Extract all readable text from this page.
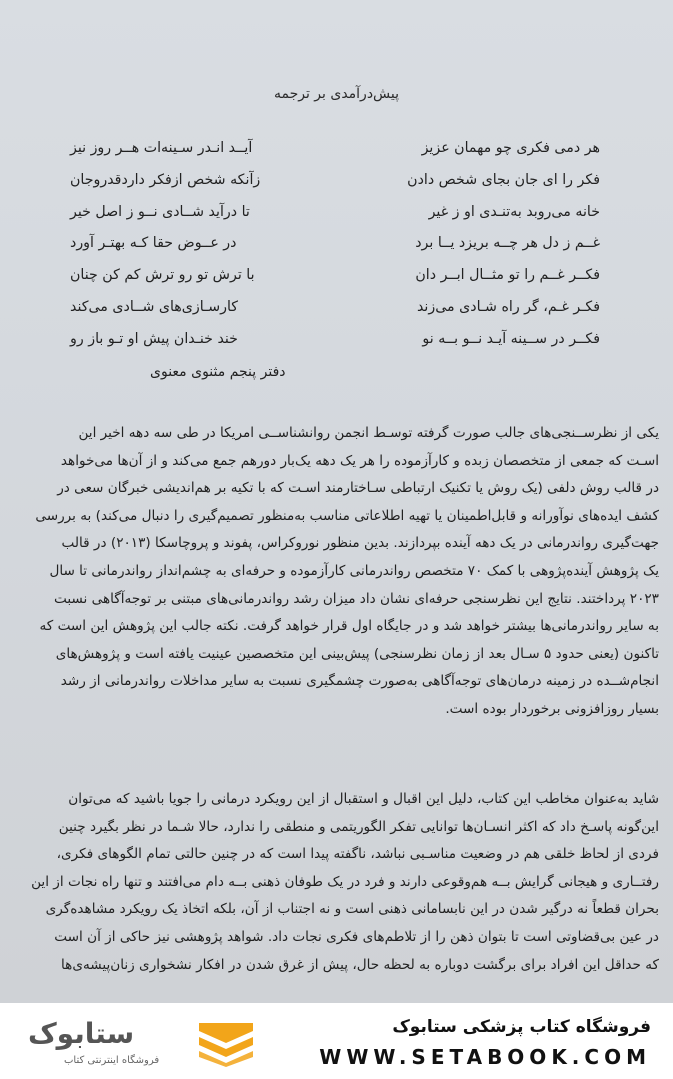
پیش‌درآمدی بر ترجمه
هر دمی فکری چو مهمان عزیز
آیــد انـدر سـینه‌ات هــر روز نیز
فکر را ای جان بجای شخص دادن
زآنکه شخص ازفکر داردقدروجان
خانه می‌روبد به‌تنـدی او ز غیر
تا درآید شــادی نــو ز اصل خیر
غــم ز دل هر چــه بریزد یــا برد
در عــوض حقا کـه بهتـر آورد
فکــر غــم را تو مثــال ابــر دان
با ترش تو رو ترش کم کن چنان
فکـر غـم، گر راه شـادی می‌زند
کارسـازی‌های شــادی می‌کند
فکــر در ســینه آیـد نــو بــه نو
خند خنـدان پیش او تـو باز رو
دفتر پنجم مثنوی معنوی
یکی از نظرســنجی‌های جالب صورت گرفته توسـط انجمن روانشناســی امریکا در طی سه دهه اخیر این
اسـت که جمعی از متخصصان زبده و کارآزموده را هر یک دهه یک‌بار دورهم جمع می‌کند و از آن‌ها می‌خواهد
در قالب روش دلفی (یک روش یا تکنیک ارتباطی سـاختارمند اسـت که با تکیه بر هم‌اندیشی خبرگان سعی در
کشف ایده‌های نوآورانه و قابل‌اطمینان یا تهیه اطلاعاتی مناسب به‌منظور تصمیم‌گیری را دنبال می‌کند) به بررسی
جهت‌گیری رواندرمانی در یک دهه آینده بپردازند. بدین منظور نوروکراس، پفوند و پروچاسکا (۲۰۱۳) در قالب
یک پژوهش آینده‌پژوهی با کمک ۷۰ متخصص رواندرمانی کارآزموده و حرفه‌ای به چشم‌انداز رواندرمانی تا سال
۲۰۲۳ پرداختند. نتایج این نظرسنجی حرفه‌ای نشان داد میزان رشد رواندرمانی‌های مبتنی بر توجه‌آگاهی نسبت
به سایر رواندرمانی‌ها بیشتر خواهد شد و در جایگاه اول قرار خواهد گرفت. نکته جالب این پژوهش این است که
تاکنون (یعنی حدود ۵ سـال بعد از زمان نظرسنجی) پیش‌بینی این متخصصین عینیت یافته است و پژوهش‌های
انجام‌شــده در زمینه درمان‌های توجه‌آگاهی به‌صورت چشمگیری نسبت به سایر مداخلات رواندرمانی از رشد
بسیار روزافزونی برخوردار بوده است.
شاید به‌عنوان مخاطب این کتاب، دلیل این اقبال و استقبال از این رویکرد درمانی را جویا باشید که می‌توان
این‌گونه پاسـخ داد که اکثر انسـان‌ها توانایی تفکر الگوریتمی و منطقی را ندارد، حالا شـما در نظر بگیرد چنین
فردی از لحاظ خلقی هم در وضعیت مناسـبی نباشد، ناگفته پیدا است که در چنین حالتی تمام الگوهای فکری،
رفتــاری و هیجانی گرایش بــه هم‌وقوعی دارند و فرد در یک طوفان ذهنی بــه دام می‌افتند و تنها راه نجات از این
بحران قطعاً نه درگیر شدن در این نابسامانی ذهنی است و نه اجتناب از آن، بلکه اتخاذ یک رویکرد مشاهده‌گری
در عین بی‌قضاوتی است تا بتوان ذهن را از تلاطم‌های فکری نجات داد. شواهد پژوهشی نیز حاکی از آن است
که حداقل این افراد برای برگشت دوباره به لحظه حال، پیش از غرق شدن در افکار نشخواری زنان‌پیشه‌ی‌ها
فروشگاه کتاب پزشکی ستابوک
WWW.SETABOOK.COM
ستابوک
فروشگاه اینترنتی کتاب
